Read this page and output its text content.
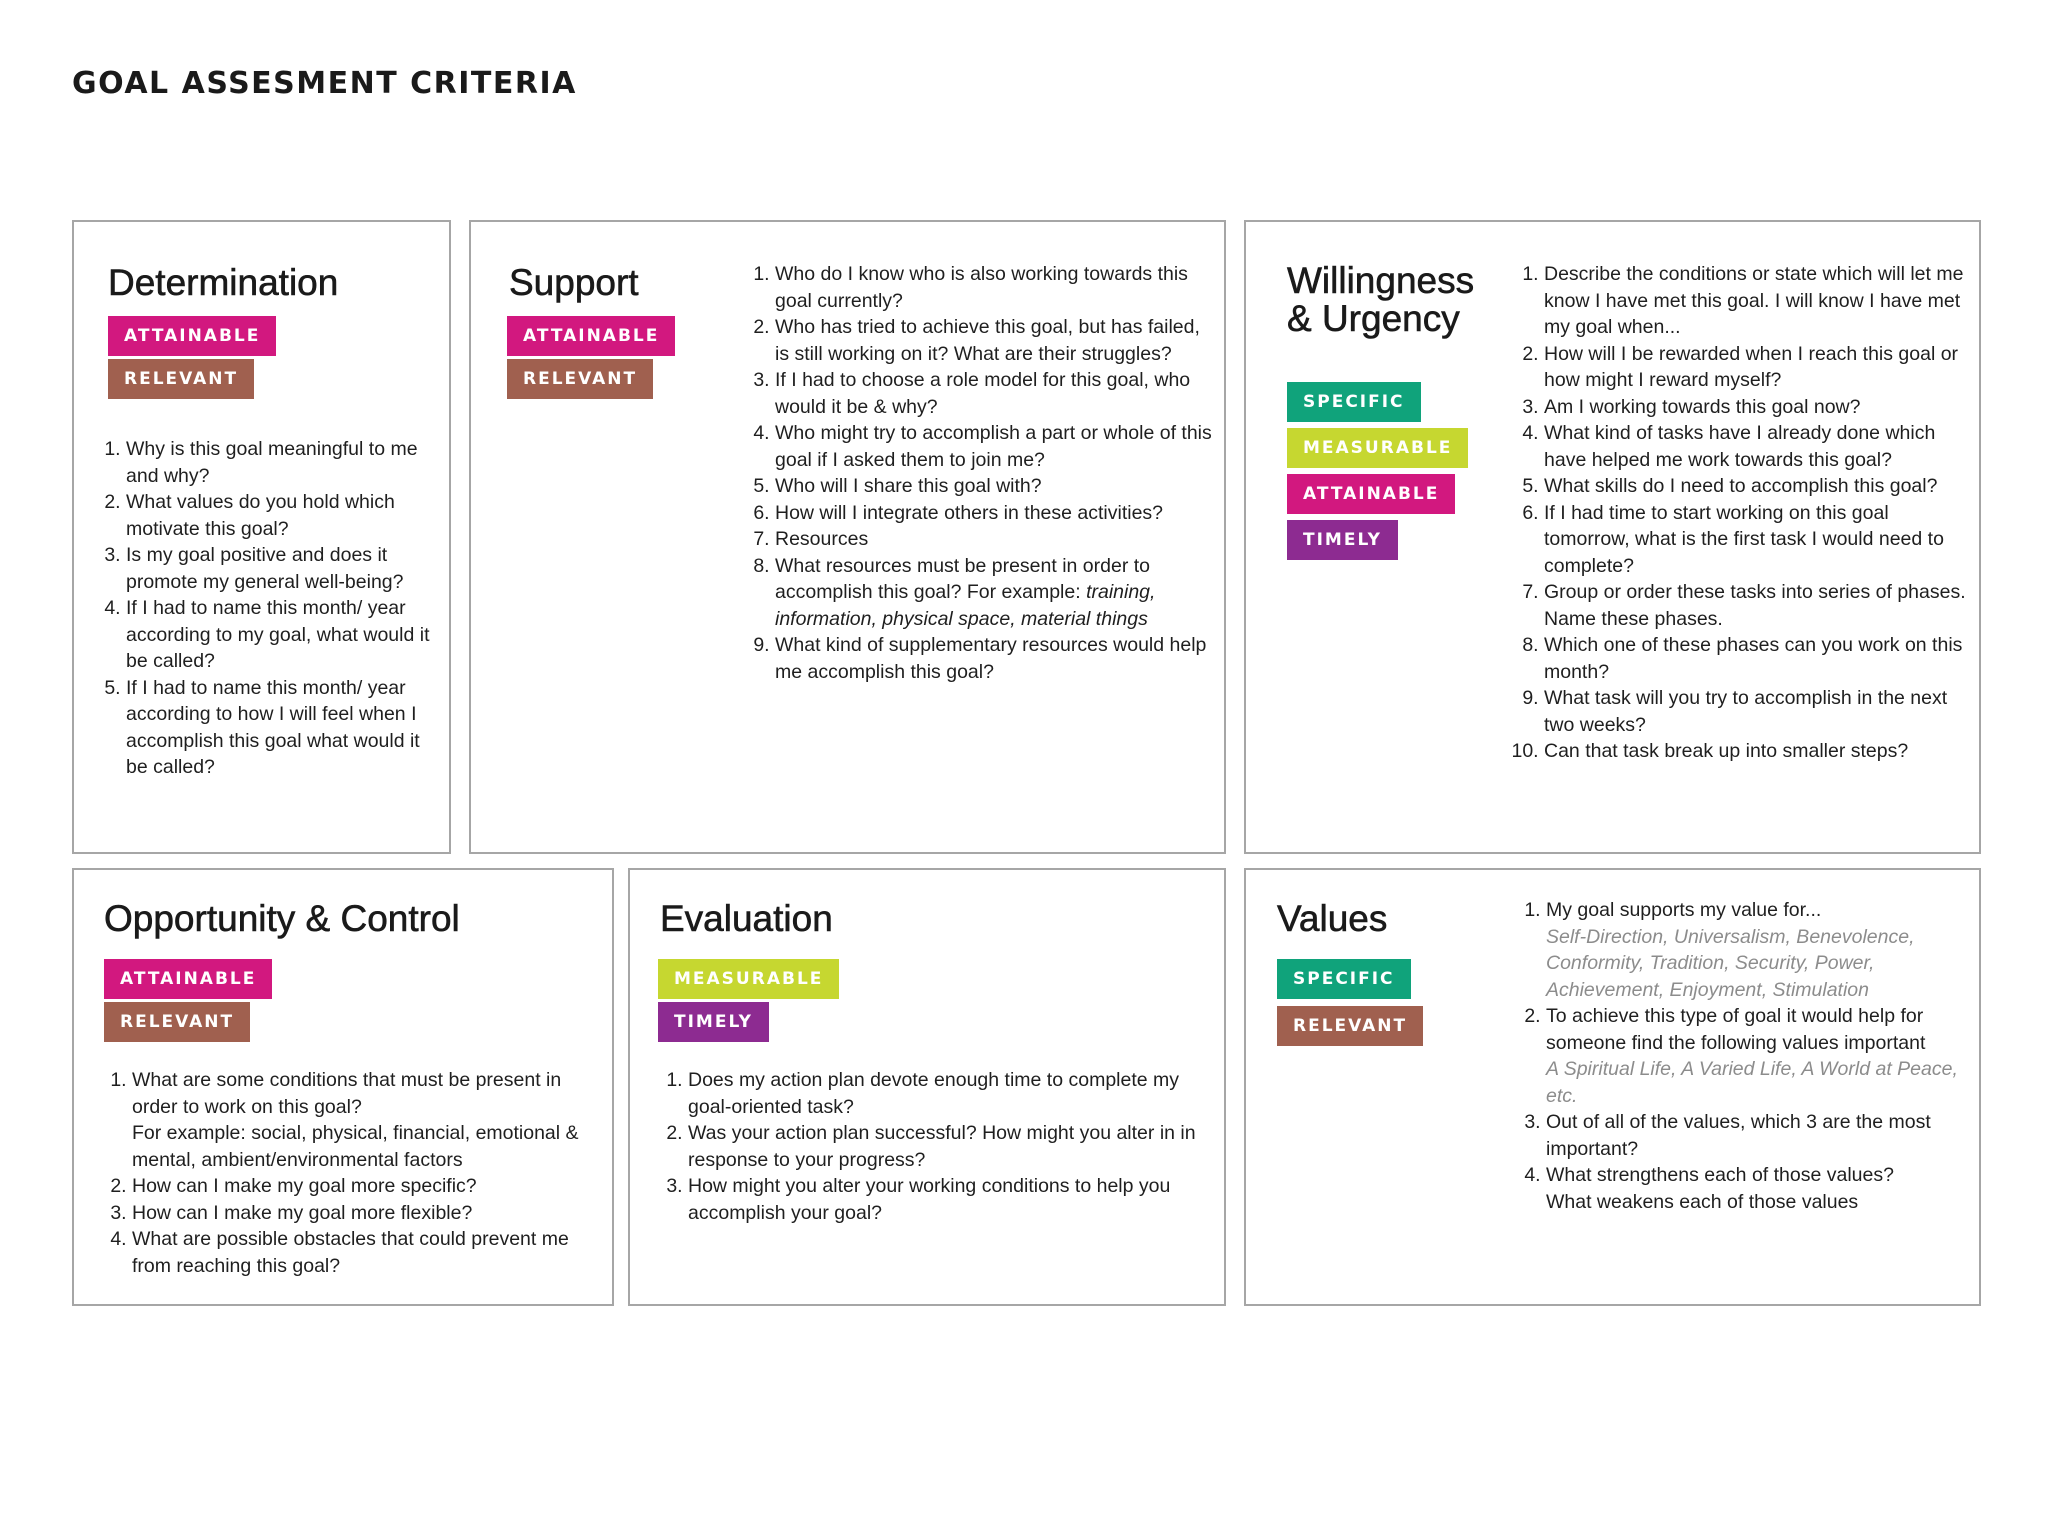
GOAL ASSESMENT CRITERIA
Determination
ATTAINABLE
RELEVANT
1. Why is this goal meaningful to me and why?
2. What values do you hold which motivate this goal?
3. Is my goal positive and does it promote my general well-being?
4. If I had to name this month/ year according to my goal, what would it be called?
5. If I had to name this month/ year according to how I will feel when I accomplish this goal what would it be called?
Support
ATTAINABLE
RELEVANT
1. Who do I know who is also working towards this goal currently?
2. Who has tried to achieve this goal, but has failed, is still working on it? What are their struggles?
3. If I had to choose a role model for this goal, who would it be & why?
4. Who might try to accomplish a part or whole of this goal if I asked them to join me?
5. Who will I share this goal with?
6. How will I integrate others in these activities?
7. Resources
8. What resources must be present in order to accomplish this goal? For example: training, information, physical space, material things
9. What kind of supplementary resources would help me accomplish this goal?
Willingness
& Urgency
SPECIFIC
MEASURABLE
ATTAINABLE
TIMELY
1. Describe the conditions or state which will let me know I have met this goal. I will know I have met my goal when...
2. How will I be rewarded when I reach this goal or how might I reward myself?
3. Am I working towards this goal now?
4. What kind of tasks have I already done which have helped me work towards this goal?
5. What skills do I need to accomplish this goal?
6. If I had time to start working on this goal tomorrow, what is the first task I would need to complete?
7. Group or order these tasks into series of phases. Name these phases.
8. Which one of these phases can you work on this month?
9. What task will you try to accomplish in the next two weeks?
10. Can that task break up into smaller steps?
Opportunity & Control
ATTAINABLE
RELEVANT
1. What are some conditions that must be present in order to work on this goal?
For example: social, physical, financial, emotional & mental, ambient/environmental factors
2. How can I make my goal more specific?
3. How can I make my goal more flexible?
4. What are possible obstacles that could prevent me from reaching this goal?
Evaluation
MEASURABLE
TIMELY
1. Does my action plan devote enough time to complete my goal-oriented task?
2. Was your action plan successful? How might you alter in in response to your progress?
3. How might you alter your working conditions to help you accomplish your goal?
Values
SPECIFIC
RELEVANT
1. My goal supports my value for...
Self-Direction, Universalism, Benevolence, Conformity, Tradition, Security, Power, Achievement, Enjoyment, Stimulation
2. To achieve this type of goal it would help for someone find the following values important
A Spiritual Life, A Varied Life, A World at Peace, etc.
3. Out of all of the values, which 3 are the most important?
4. What strengthens each of those values?
What weakens each of those values
